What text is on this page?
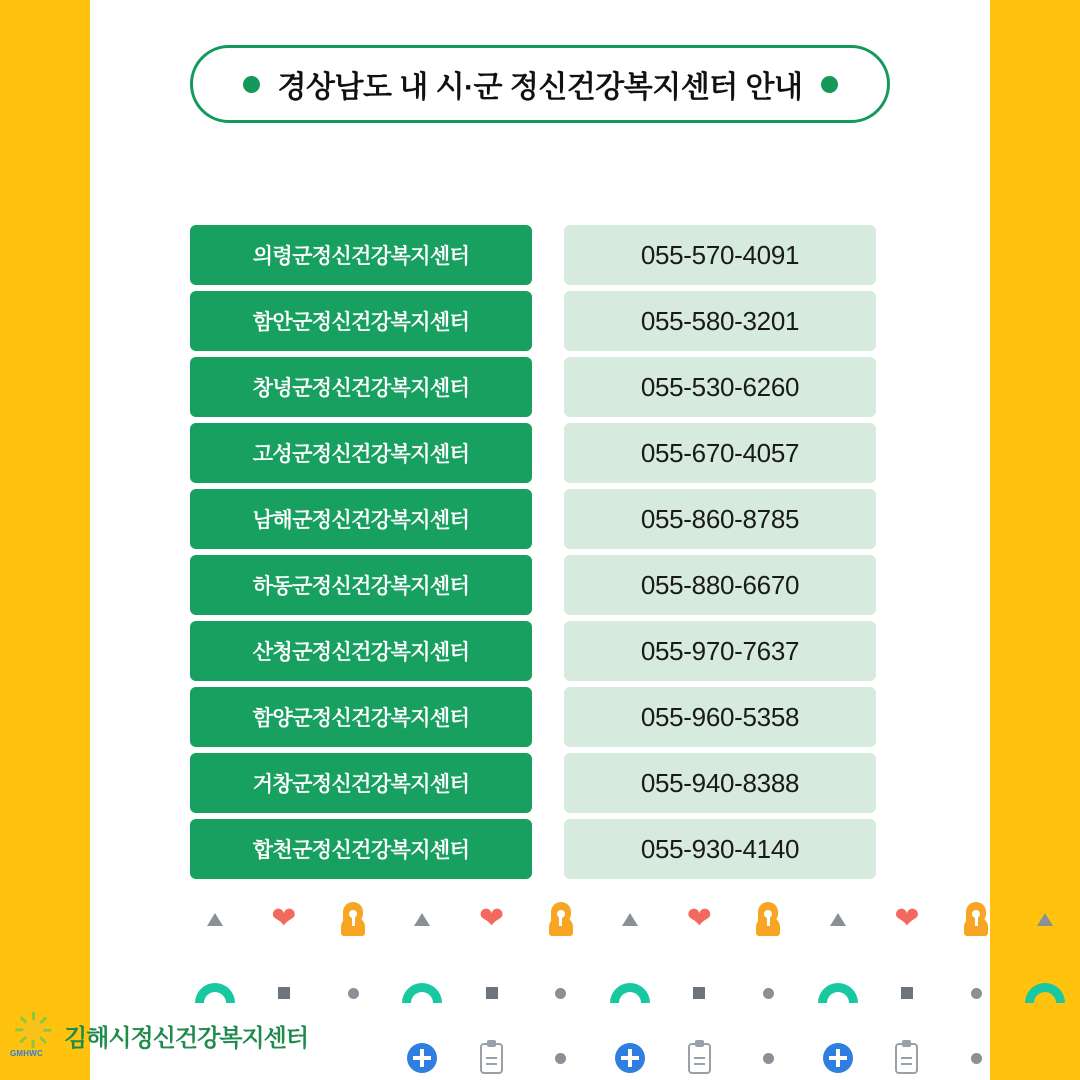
경상남도 내 시·군 정신건강복지센터 안내
의령군정신건강복지센터	055-570-4091
함안군정신건강복지센터	055-580-3201
창녕군정신건강복지센터	055-530-6260
고성군정신건강복지센터	055-670-4057
남해군정신건강복지센터	055-860-8785
하동군정신건강복지센터	055-880-6670
산청군정신건강복지센터	055-970-7637
함양군정신건강복지센터	055-960-5358
거창군정신건강복지센터	055-940-8388
합천군정신건강복지센터	055-930-4140
❤	❤	❤	❤
GMHWC
김해시정신건강복지센터
